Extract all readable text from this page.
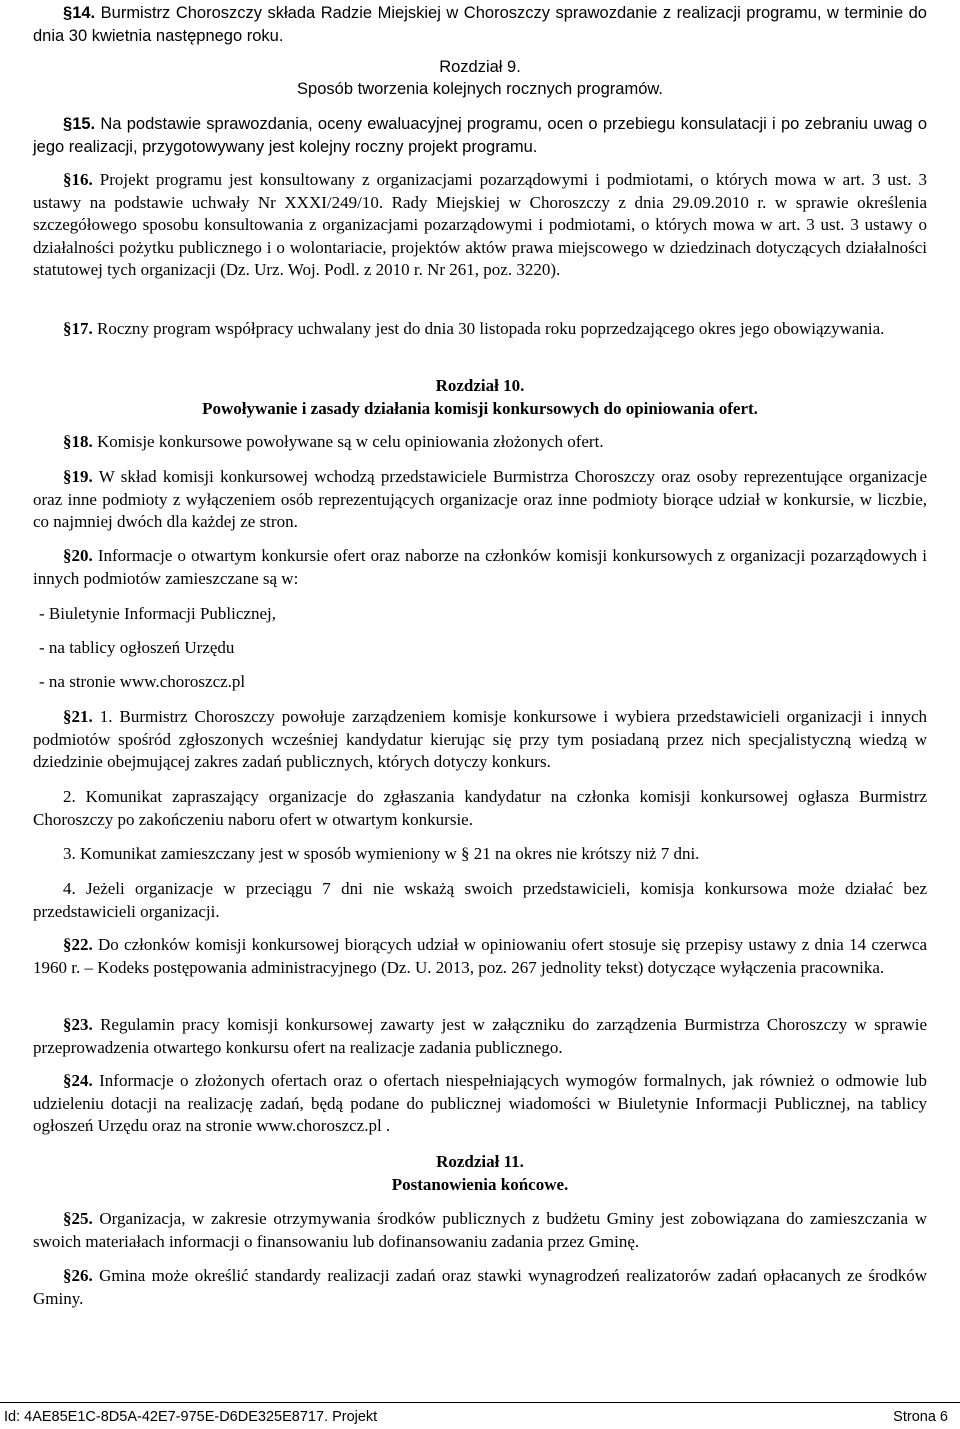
§14. Burmistrz Choroszczy składa Radzie Miejskiej w Choroszczy sprawozdanie z realizacji programu, w terminie do dnia 30 kwietnia następnego roku.

Rozdział 9.

Sposób tworzenia kolejnych rocznych programów.

§15. Na podstawie sprawozdania, oceny ewaluacyjnej programu, ocen o przebiegu konsulatacji i po zebraniu uwag o jego realizacji, przygotowywany jest kolejny roczny projekt programu.

§16. Projekt programu jest konsultowany z organizacjami pozarządowymi i podmiotami, o których mowa w art. 3 ust. 3 ustawy na podstawie uchwały Nr XXXI/249/10. Rady Miejskiej w Choroszczy z dnia 29.09.2010 r. w sprawie określenia szczegółowego sposobu konsultowania z organizacjami pozarządowymi i podmiotami, o których mowa w art. 3 ust. 3 ustawy o działalności pożytku publicznego i o wolontariacie, projektów aktów prawa miejscowego w dziedzinach dotyczących działalności statutowej tych organizacji (Dz. Urz. Woj. Podl. z 2010 r. Nr 261, poz. 3220).

§17. Roczny program współpracy uchwalany jest do dnia 30 listopada roku poprzedzającego okres jego obowiązywania.

Rozdział 10.

Powoływanie i zasady działania komisji konkursowych do opiniowania ofert.

§18. Komisje konkursowe powoływane są w celu opiniowania złożonych ofert.

§19. W skład komisji konkursowej wchodzą przedstawiciele Burmistrza Choroszczy oraz osoby reprezentujące organizacje oraz inne podmioty z wyłączeniem osób reprezentujących organizacje oraz inne podmioty biorące udział w konkursie, w liczbie, co najmniej dwóch dla każdej ze stron.

§20. Informacje o otwartym konkursie ofert oraz naborze na członków komisji konkursowych z organizacji pozarządowych i innych podmiotów zamieszczane są w:

- Biuletynie Informacji Publicznej,

- na tablicy ogłoszeń Urzędu

- na stronie www.choroszcz.pl

§21. 1. Burmistrz Choroszczy powołuje zarządzeniem komisje konkursowe i wybiera przedstawicieli organizacji i innych podmiotów spośród zgłoszonych wcześniej kandydatur kierując się przy tym posiadaną przez nich specjalistyczną wiedzą w dziedzinie obejmującej zakres zadań publicznych, których dotyczy konkurs.

2. Komunikat zapraszający organizacje do zgłaszania kandydatur na członka komisji konkursowej ogłasza Burmistrz Choroszczy po zakończeniu naboru ofert w otwartym konkursie.

3. Komunikat zamieszczany jest w sposób wymieniony w § 21 na okres nie krótszy niż 7 dni.

4. Jeżeli organizacje w przeciągu 7 dni nie wskażą swoich przedstawicieli, komisja konkursowa może działać bez przedstawicieli organizacji.

§22. Do członków komisji konkursowej biorących udział w opiniowaniu ofert stosuje się przepisy ustawy z dnia 14 czerwca 1960 r. – Kodeks postępowania administracyjnego (Dz. U. 2013, poz. 267 jednolity tekst) dotyczące wyłączenia pracownika.

§23. Regulamin pracy komisji konkursowej zawarty jest w załączniku do zarządzenia Burmistrza Choroszczy w sprawie przeprowadzenia otwartego konkursu ofert na realizacje zadania publicznego.

§24. Informacje o złożonych ofertach oraz o ofertach niespełniających wymogów formalnych, jak również o odmowie lub udzieleniu dotacji na realizację zadań, będą podane do publicznej wiadomości w Biuletynie Informacji Publicznej, na tablicy ogłoszeń Urzędu oraz na stronie www.choroszcz.pl .

Rozdział 11.

Postanowienia końcowe.

§25. Organizacja, w zakresie otrzymywania środków publicznych z budżetu Gminy jest zobowiązana do zamieszczania w swoich materiałach informacji o finansowaniu lub dofinansowaniu zadania przez Gminę.

§26. Gmina może określić standardy realizacji zadań oraz stawki wynagrodzeń realizatorów zadań opłacanych ze środków Gminy.

Id: 4AE85E1C-8D5A-42E7-975E-D6DE325E8717. Projekt	Strona 6
